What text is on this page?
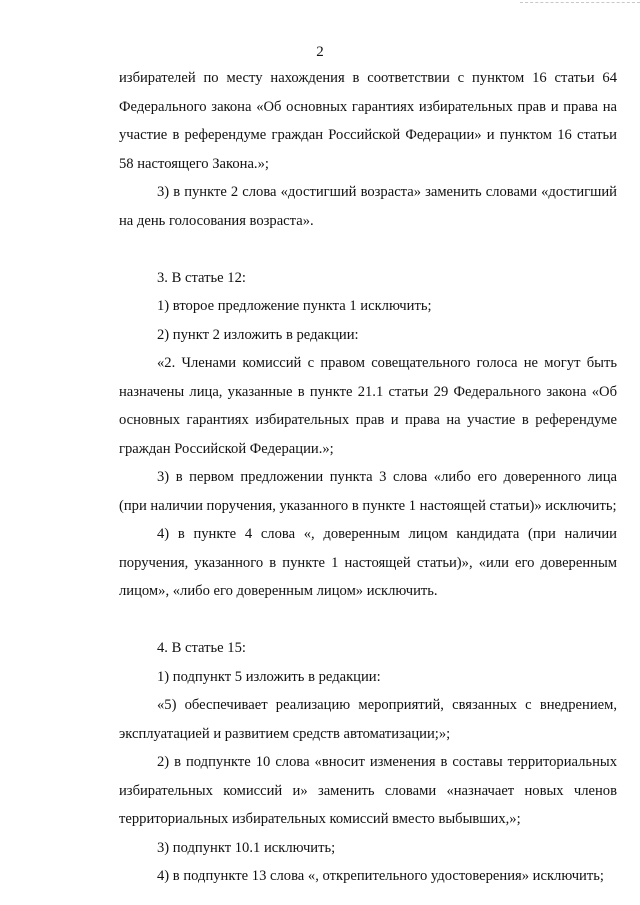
2

избирателей по месту нахождения в соответствии с пунктом 16 статьи 64 Федерального закона «Об основных гарантиях избирательных прав и права на участие в референдуме граждан Российской Федерации» и пунктом 16 статьи 58 настоящего Закона.»;

3) в пункте 2 слова «достигший возраста» заменить словами «достигший на день голосования возраста».

3. В статье 12:

1) второе предложение пункта 1 исключить;

2) пункт 2 изложить в редакции:

«2. Членами комиссий с правом совещательного голоса не могут быть назначены лица, указанные в пункте 21.1 статьи 29 Федерального закона «Об основных гарантиях избирательных прав и права на участие в референдуме граждан Российской Федерации.»;

3) в первом предложении пункта 3 слова «либо его доверенного лица (при наличии поручения, указанного в пункте 1 настоящей статьи)» исключить;

4) в пункте 4 слова «, доверенным лицом кандидата (при наличии поручения, указанного в пункте 1 настоящей статьи)», «или его доверенным лицом», «либо его доверенным лицом» исключить.

4. В статье 15:

1) подпункт 5 изложить в редакции:

«5) обеспечивает реализацию мероприятий, связанных с внедрением, эксплуатацией и развитием средств автоматизации;»;

2) в подпункте 10 слова «вносит изменения в составы территориальных избирательных комиссий и» заменить словами «назначает новых членов территориальных избирательных комиссий вместо выбывших,»;

3) подпункт 10.1 исключить;

4) в подпункте 13 слова «, открепительного удостоверения» исключить;
